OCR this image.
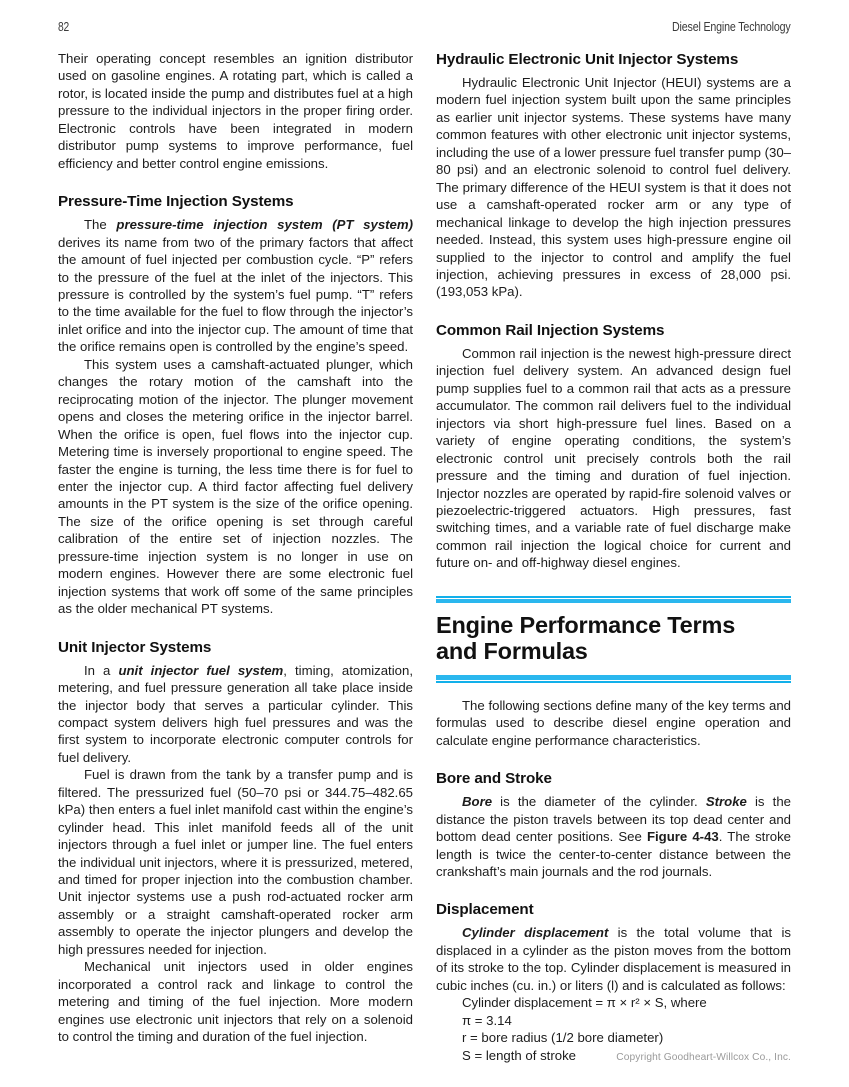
82	Diesel Engine Technology

Their operating concept resembles an ignition distributor used on gasoline engines. A rotating part, which is called a rotor, is located inside the pump and distributes fuel at a high pressure to the individual injectors in the proper firing order. Electronic controls have been integrated in modern distributor pump systems to improve performance, fuel efficiency and better control engine emissions.

Pressure-Time Injection Systems

The pressure-time injection system (PT system) derives its name from two of the primary factors that affect the amount of fuel injected per combustion cycle. “P” refers to the pressure of the fuel at the inlet of the injectors. This pressure is controlled by the system’s fuel pump. “T” refers to the time available for the fuel to flow through the injector’s inlet orifice and into the injector cup. The amount of time that the orifice remains open is controlled by the engine’s speed.

This system uses a camshaft-actuated plunger, which changes the rotary motion of the camshaft into the reciprocating motion of the injector. The plunger movement opens and closes the metering orifice in the injector barrel. When the orifice is open, fuel flows into the injector cup. Metering time is inversely proportional to engine speed. The faster the engine is turning, the less time there is for fuel to enter the injector cup. A third factor affecting fuel delivery amounts in the PT system is the size of the orifice opening. The size of the orifice opening is set through careful calibration of the entire set of injection nozzles. The pressure-time injection system is no longer in use on modern engines. However there are some electronic fuel injection systems that work off some of the same principles as the older mechanical PT systems.

Unit Injector Systems

In a unit injector fuel system, timing, atomization, metering, and fuel pressure generation all take place inside the injector body that serves a particular cylinder. This compact system delivers high fuel pressures and was the first system to incorporate electronic computer controls for fuel delivery.

Fuel is drawn from the tank by a transfer pump and is filtered. The pressurized fuel (50–70 psi or 344.75–482.65 kPa) then enters a fuel inlet manifold cast within the engine’s cylinder head. This inlet manifold feeds all of the unit injectors through a fuel inlet or jumper line. The fuel enters the individual unit injectors, where it is pressurized, metered, and timed for proper injection into the combustion chamber. Unit injector systems use a push rod-actuated rocker arm assembly or a straight camshaft-operated rocker arm assembly to operate the injector plungers and develop the high pressures needed for injection.

Mechanical unit injectors used in older engines incorporated a control rack and linkage to control the metering and timing of the fuel injection. More modern engines use electronic unit injectors that rely on a solenoid to control the timing and duration of the fuel injection.

Hydraulic Electronic Unit Injector Systems

Hydraulic Electronic Unit Injector (HEUI) systems are a modern fuel injection system built upon the same principles as earlier unit injector systems. These systems have many common features with other electronic unit injector systems, including the use of a lower pressure fuel transfer pump (30–80 psi) and an electronic solenoid to control fuel delivery. The primary difference of the HEUI system is that it does not use a camshaft-operated rocker arm or any type of mechanical linkage to develop the high injection pressures needed. Instead, this system uses high-pressure engine oil supplied to the injector to control and amplify the fuel injection, achieving pressures in excess of 28,000 psi. (193,053 kPa).

Common Rail Injection Systems

Common rail injection is the newest high-pressure direct injection fuel delivery system. An advanced design fuel pump supplies fuel to a common rail that acts as a pressure accumulator. The common rail delivers fuel to the individual injectors via short high-pressure fuel lines. Based on a variety of engine operating conditions, the system’s electronic control unit precisely controls both the rail pressure and the timing and duration of fuel injection. Injector nozzles are operated by rapid-fire solenoid valves or piezoelectric-triggered actuators. High pressures, fast switching times, and a variable rate of fuel discharge make common rail injection the logical choice for current and future on- and off-highway diesel engines.

Engine Performance Terms
and Formulas

The following sections define many of the key terms and formulas used to describe diesel engine operation and calculate engine performance characteristics.

Bore and Stroke

Bore is the diameter of the cylinder. Stroke is the distance the piston travels between its top dead center and bottom dead center positions. See Figure 4-43. The stroke length is twice the center-to-center distance between the crankshaft’s main journals and the rod journals.

Displacement

Cylinder displacement is the total volume that is displaced in a cylinder as the piston moves from the bottom of its stroke to the top. Cylinder displacement is measured in cubic inches (cu. in.) or liters (l) and is calculated as follows:

Cylinder displacement = π × r² × S, where
π = 3.14
r = bore radius (1/2 bore diameter)
S = length of stroke	Copyright Goodheart-Willcox Co., Inc.
